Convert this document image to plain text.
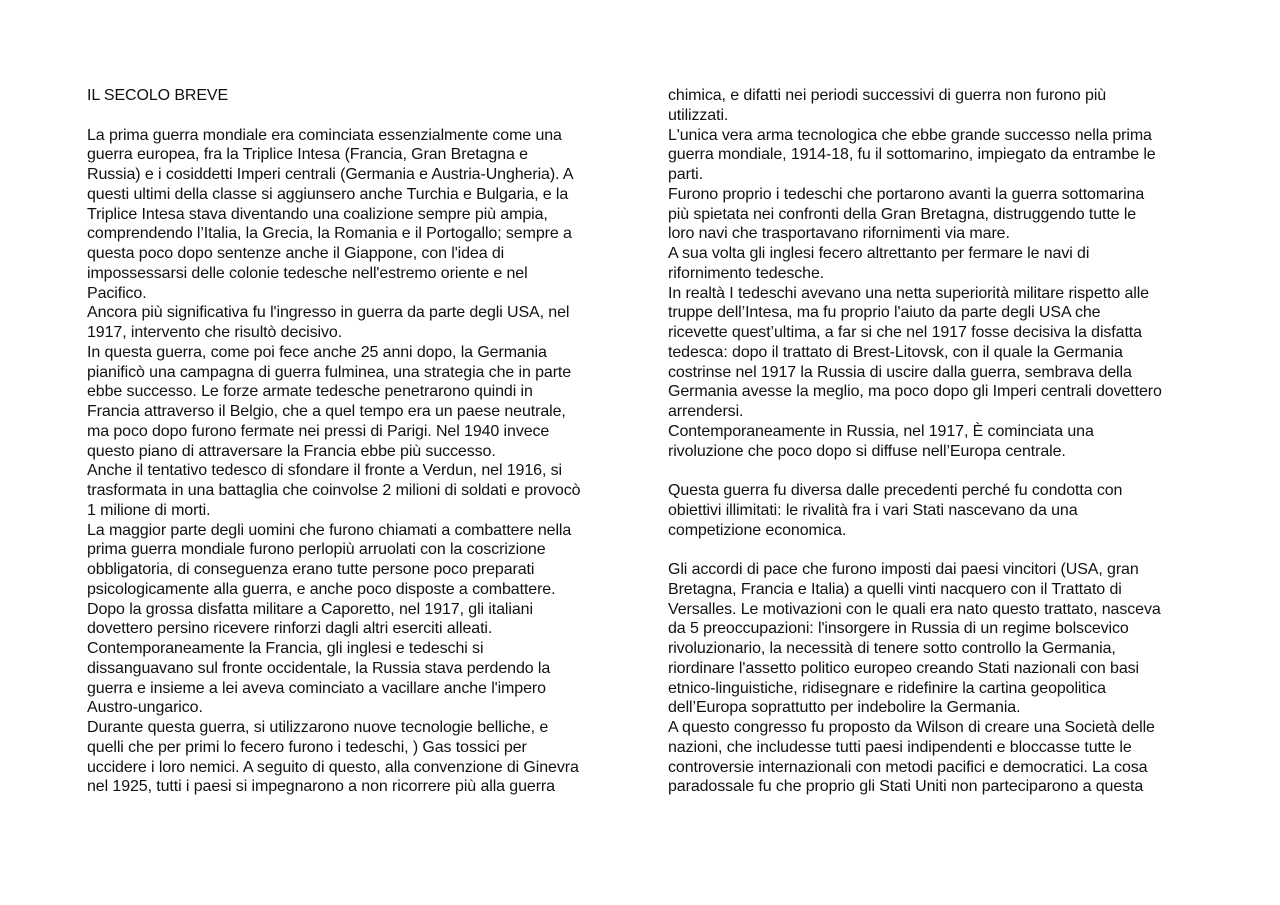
IL SECOLO BREVE
La prima guerra mondiale era cominciata essenzialmente come una
guerra europea, fra la Triplice Intesa (Francia, Gran Bretagna e
Russia) e i cosiddetti Imperi centrali (Germania e Austria-Ungheria). A
questi ultimi della classe si aggiunsero anche Turchia e Bulgaria, e la
Triplice Intesa stava diventando una coalizione sempre più ampia,
comprendendo l’Italia, la Grecia, la Romania e il Portogallo; sempre a
questa poco dopo sentenze anche il Giappone, con l'idea di
impossessarsi delle colonie tedesche nell'estremo oriente e nel
Pacifico.
Ancora più significativa fu l'ingresso in guerra da parte degli USA, nel
1917, intervento che risultò decisivo.
In questa guerra, come poi fece anche 25 anni dopo, la Germania
pianificò una campagna di guerra fulminea, una strategia che in parte
ebbe successo. Le forze armate tedesche penetrarono quindi in
Francia attraverso il Belgio, che a quel tempo era un paese neutrale,
ma poco dopo furono fermate nei pressi di Parigi. Nel 1940 invece
questo piano di attraversare la Francia ebbe più successo.
Anche il tentativo tedesco di sfondare il fronte a Verdun, nel 1916, si
trasformata in una battaglia che coinvolse 2 milioni di soldati e provocò
1 milione di morti.
La maggior parte degli uomini che furono chiamati a combattere nella
prima guerra mondiale furono perlopiù arruolati con la coscrizione
obbligatoria, di conseguenza erano tutte persone poco preparati
psicologicamente alla guerra, e anche poco disposte a combattere.
Dopo la grossa disfatta militare a Caporetto, nel 1917, gli italiani
dovettero persino ricevere rinforzi dagli altri eserciti alleati.
Contemporaneamente la Francia, gli inglesi e tedeschi si
dissanguavano sul fronte occidentale, la Russia stava perdendo la
guerra e insieme a lei aveva cominciato a vacillare anche l'impero
Austro-ungarico.
Durante questa guerra, si utilizzarono nuove tecnologie belliche, e
quelli che per primi lo fecero furono i tedeschi, ) Gas tossici per
uccidere i loro nemici. A seguito di questo, alla convenzione di Ginevra
nel 1925, tutti i paesi si impegnarono a non ricorrere più alla guerra
chimica, e difatti nei periodi successivi di guerra non furono più
utilizzati.
L'unica vera arma tecnologica che ebbe grande successo nella prima
guerra mondiale, 1914-18, fu il sottomarino, impiegato da entrambe le
parti.
Furono proprio i tedeschi che portarono avanti la guerra sottomarina
più spietata nei confronti della Gran Bretagna, distruggendo tutte le
loro navi che trasportavano rifornimenti via mare.
A sua volta gli inglesi fecero altrettanto per fermare le navi di
rifornimento tedesche.
In realtà I tedeschi avevano una netta superiorità militare rispetto alle
truppe dell’Intesa, ma fu proprio l'aiuto da parte degli USA che
ricevette quest’ultima, a far si che nel 1917 fosse decisiva la disfatta
tedesca: dopo il trattato di Brest-Litovsk, con il quale la Germania
costrinse nel 1917 la Russia di uscire dalla guerra, sembrava della
Germania avesse la meglio, ma poco dopo gli Imperi centrali dovettero
arrendersi.
Contemporaneamente in Russia, nel 1917, È cominciata una
rivoluzione che poco dopo si diffuse nell’Europa centrale.
Questa guerra fu diversa dalle precedenti perché fu condotta con
obiettivi illimitati: le rivalità fra i vari Stati nascevano da una
competizione economica.
Gli accordi di pace che furono imposti dai paesi vincitori (USA, gran
Bretagna, Francia e Italia) a quelli vinti nacquero con il Trattato di
Versalles. Le motivazioni con le quali era nato questo trattato, nasceva
da 5 preoccupazioni: l'insorgere in Russia di un regime bolscevico
rivoluzionario, la necessità di tenere sotto controllo la Germania,
riordinare l'assetto politico europeo creando Stati nazionali con basi
etnico-linguistiche, ridisegnare e ridefinire la cartina geopolitica
dell’Europa soprattutto per indebolire la Germania.
A questo congresso fu proposto da Wilson di creare una Società delle
nazioni, che includesse tutti paesi indipendenti e bloccasse tutte le
controversie internazionali con metodi pacifici e democratici. La cosa
paradossale fu che proprio gli Stati Uniti non parteciparono a questa
